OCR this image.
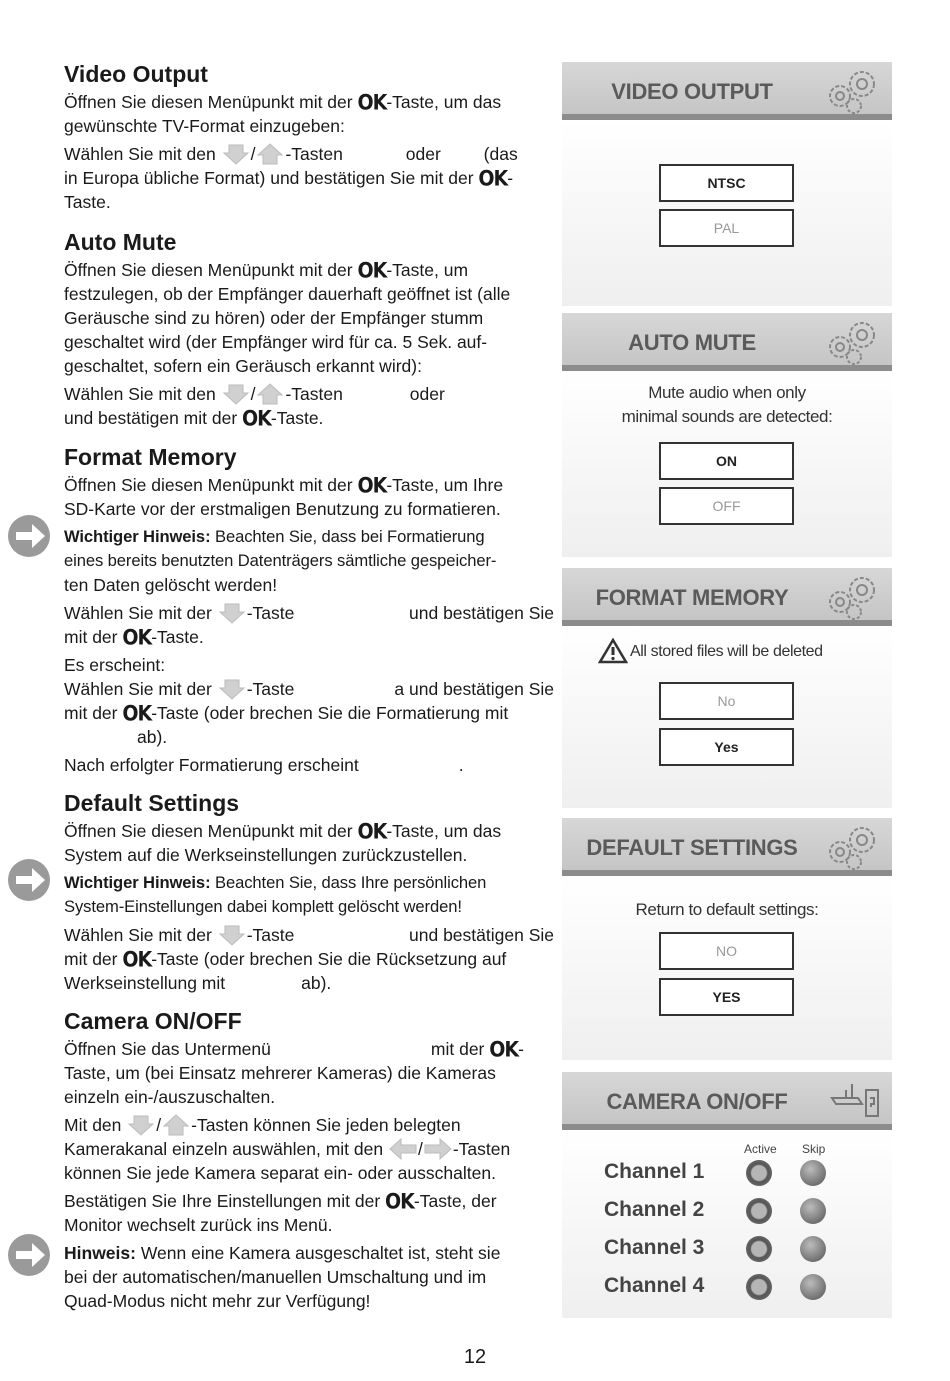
Video Output

Öffnen Sie diesen Menüpunkt mit der OK-Taste, um das

gewünschte TV-Format einzugeben:

Wählen Sie mit den
/ -Tasten	oder (das

in Europa übliche Format) und bestätigen Sie mit der OK-

Taste.

Auto Mute

Öffnen Sie diesen Menüpunkt mit der OK-Taste, um

festzulegen, ob der Empfänger dauerhaft geöffnet ist (alle

Geräusche sind zu hören) oder der Empfänger stumm

geschaltet wird (der Empfänger wird für ca. 5 Sek. auf-

geschaltet, sofern ein Geräusch erkannt wird):

Wählen Sie mit den
/ -Tasten	oder

und bestätigen mit der OK-Taste.

Format Memory

Öffnen Sie diesen Menüpunkt mit der OK-Taste, um Ihre

SD-Karte vor der erstmaligen Benutzung zu formatieren.

Wichtiger Hinweis: Beachten Sie, dass bei Formatierung

eines bereits benutzten Datenträgers sämtliche gespeicher-

ten Daten gelöscht werden!

Wählen Sie mit der
-Taste	und bestätigen Sie

mit der OK-Taste.

Es erscheint:

Wählen Sie mit der
-Taste	a und bestätigen Sie

mit der OK-Taste (oder brechen Sie die Formatierung mit

ab).

Nach erfolgter Formatierung erscheint	.

Default Settings

Öffnen Sie diesen Menüpunkt mit der OK-Taste, um das

System auf die Werkseinstellungen zurückzustellen.

Wichtiger Hinweis: Beachten Sie, dass Ihre persönlichen

System-Einstellungen dabei komplett gelöscht werden!

Wählen Sie mit der
-Taste	und bestätigen Sie

mit der OK-Taste (oder brechen Sie die Rücksetzung auf

Werkseinstellung mit	ab).

Camera ON/OFF

Öffnen Sie das Untermenü	mit der OK-

Taste, um (bei Einsatz mehrerer Kameras) die Kameras

einzeln ein-/auszuschalten.

Mit den
/ -Tasten können Sie jeden belegten

Kamerakanal einzeln auswählen, mit den
/ -Tasten

können Sie jede Kamera separat ein- oder ausschalten.

Bestätigen Sie Ihre Einstellungen mit der OK-Taste, der

Monitor wechselt zurück ins Menü.

Hinweis: Wenn eine Kamera ausgeschaltet ist, steht sie

bei der automatischen/manuellen Umschaltung und im

Quad-Modus nicht mehr zur Verfügung!

VIDEO OUTPUT
NTSC
PAL
AUTO MUTE
Mute audio when only
minimal sounds are detected:
ON
OFF
FORMAT MEMORY
All stored files will be deleted
No
Yes
DEFAULT SETTINGS
Return to default settings:
NO
YES
CAMERA ON/OFF
Active Skip
Channel 1
Channel 2
Channel 3
Channel 4
12
